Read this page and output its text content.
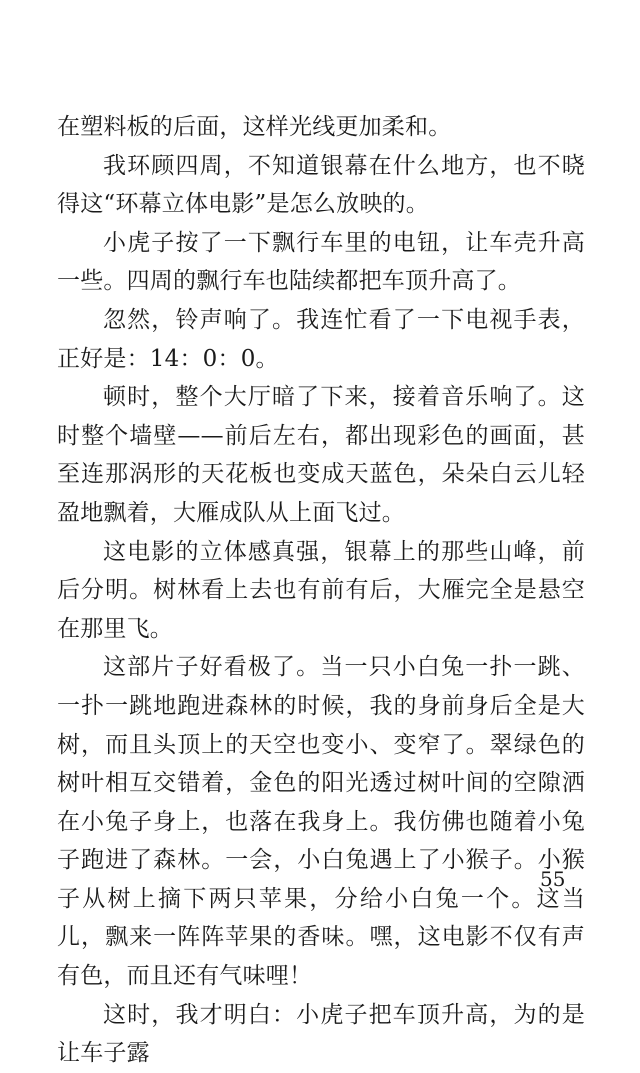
在塑料板的后面，这样光线更加柔和。

我环顾四周，不知道银幕在什么地方，也不晓得这“环幕立体电影”是怎么放映的。

小虎子按了一下飘行车里的电钮，让车壳升高一些。四周的飘行车也陆续都把车顶升高了。

忽然，铃声响了。我连忙看了一下电视手表，正好是：14：0：0。

顿时，整个大厅暗了下来，接着音乐响了。这时整个墙壁——前后左右，都出现彩色的画面，甚至连那涡形的天花板也变成天蓝色，朵朵白云儿轻盈地飘着，大雁成队从上面飞过。

这电影的立体感真强，银幕上的那些山峰，前后分明。树林看上去也有前有后，大雁完全是悬空在那里飞。

这部片子好看极了。当一只小白兔一扑一跳、一扑一跳地跑进森林的时候，我的身前身后全是大树，而且头顶上的天空也变小、变窄了。翠绿色的树叶相互交错着，金色的阳光透过树叶间的空隙洒在小兔子身上，也落在我身上。我仿佛也随着小兔子跑进了森林。一会，小白兔遇上了小猴子。小猴子从树上摘下两只苹果，分给小白兔一个。这当儿，飘来一阵阵苹果的香味。嘿，这电影不仅有声有色，而且还有气味哩！

这时，我才明白：小虎子把车顶升高，为的是让车子露

55
